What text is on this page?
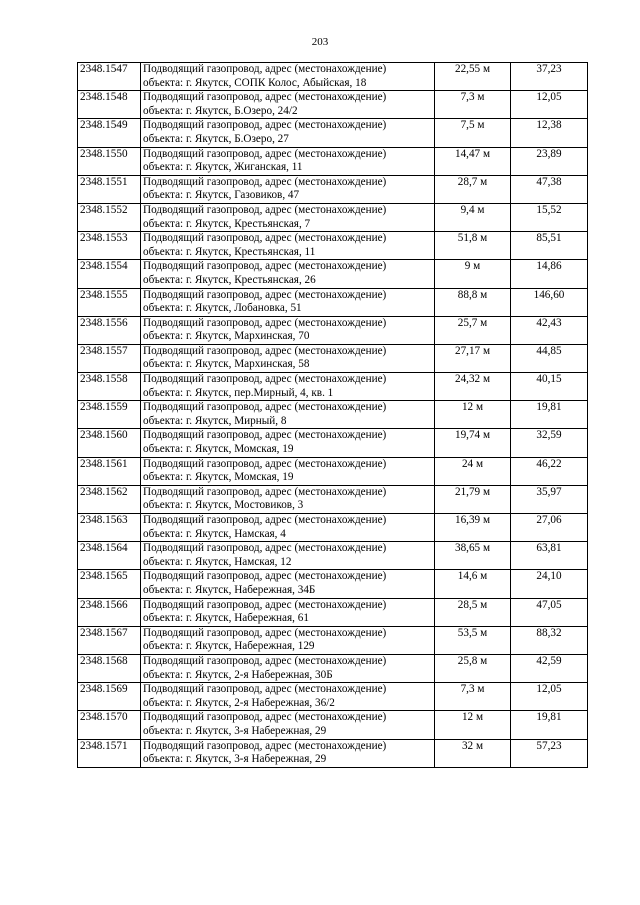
203
2348.1547	Подводящий газопровод, адрес (местонахождение)
объекта: г. Якутск, СОПК Колос, Абыйская, 18	22,55 м	37,23
2348.1548	Подводящий газопровод, адрес (местонахождение)
объекта: г. Якутск, Б.Озеро, 24/2	7,3 м	12,05
2348.1549	Подводящий газопровод, адрес (местонахождение)
объекта: г. Якутск, Б.Озеро, 27	7,5 м	12,38
2348.1550	Подводящий газопровод, адрес (местонахождение)
объекта: г. Якутск, Жиганская, 11	14,47 м	23,89
2348.1551	Подводящий газопровод, адрес (местонахождение)
объекта: г. Якутск, Газовиков, 47	28,7 м	47,38
2348.1552	Подводящий газопровод, адрес (местонахождение)
объекта: г. Якутск, Крестьянская, 7	9,4 м	15,52
2348.1553	Подводящий газопровод, адрес (местонахождение)
объекта: г. Якутск, Крестьянская, 11	51,8 м	85,51
2348.1554	Подводящий газопровод, адрес (местонахождение)
объекта: г. Якутск, Крестьянская, 26	9 м	14,86
2348.1555	Подводящий газопровод, адрес (местонахождение)
объекта: г. Якутск, Лобановка, 51	88,8 м	146,60
2348.1556	Подводящий газопровод, адрес (местонахождение)
объекта: г. Якутск, Мархинская, 70	25,7 м	42,43
2348.1557	Подводящий газопровод, адрес (местонахождение)
объекта: г. Якутск, Мархинская, 58	27,17 м	44,85
2348.1558	Подводящий газопровод, адрес (местонахождение)
объекта: г. Якутск, пер.Мирный, 4, кв. 1	24,32 м	40,15
2348.1559	Подводящий газопровод, адрес (местонахождение)
объекта: г. Якутск, Мирный, 8	12 м	19,81
2348.1560	Подводящий газопровод, адрес (местонахождение)
объекта: г. Якутск, Момская, 19	19,74 м	32,59
2348.1561	Подводящий газопровод, адрес (местонахождение)
объекта: г. Якутск, Момская, 19	24 м	46,22
2348.1562	Подводящий газопровод, адрес (местонахождение)
объекта: г. Якутск, Мостовиков, 3	21,79 м	35,97
2348.1563	Подводящий газопровод, адрес (местонахождение)
объекта: г. Якутск, Намская, 4	16,39 м	27,06
2348.1564	Подводящий газопровод, адрес (местонахождение)
объекта: г. Якутск, Намская, 12	38,65 м	63,81
2348.1565	Подводящий газопровод, адрес (местонахождение)
объекта: г. Якутск, Набережная, 34Б	14,6 м	24,10
2348.1566	Подводящий газопровод, адрес (местонахождение)
объекта: г. Якутск, Набережная, 61	28,5 м	47,05
2348.1567	Подводящий газопровод, адрес (местонахождение)
объекта: г. Якутск, Набережная, 129	53,5 м	88,32
2348.1568	Подводящий газопровод, адрес (местонахождение)
объекта: г. Якутск, 2-я Набережная, 30Б	25,8 м	42,59
2348.1569	Подводящий газопровод, адрес (местонахождение)
объекта: г. Якутск, 2-я Набережная, 36/2	7,3 м	12,05
2348.1570	Подводящий газопровод, адрес (местонахождение)
объекта: г. Якутск, 3-я Набережная, 29	12 м	19,81
2348.1571	Подводящий газопровод, адрес (местонахождение)
объекта: г. Якутск, 3-я Набережная, 29	32 м	57,23
